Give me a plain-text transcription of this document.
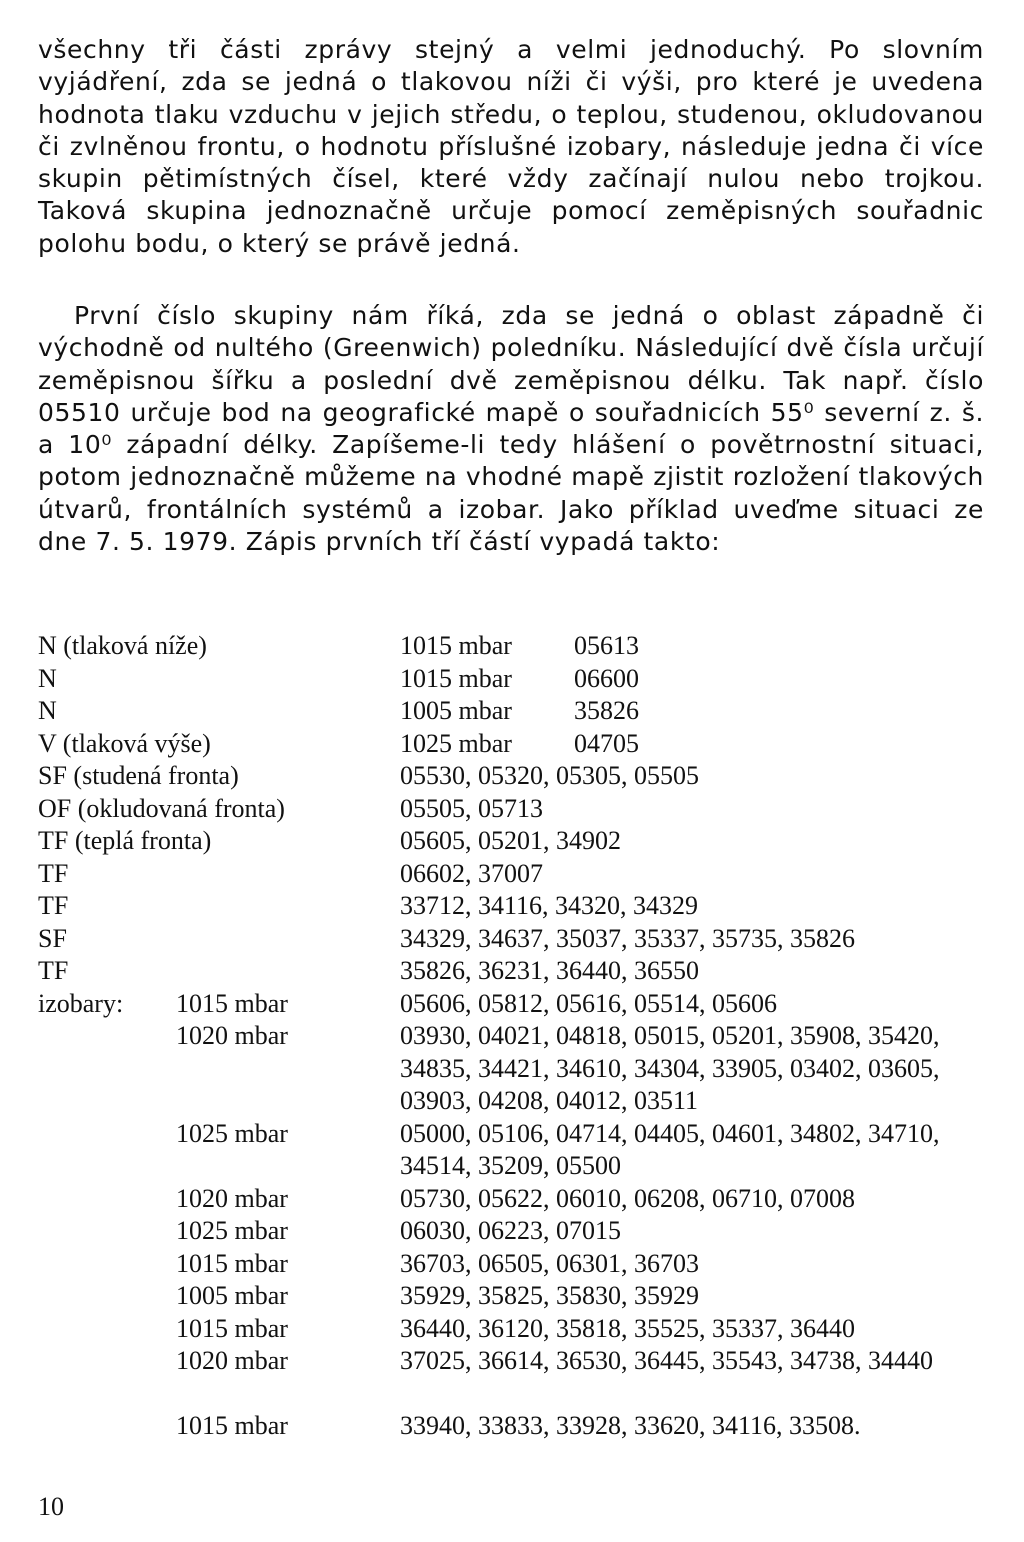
všechny tři části zprávy stejný a velmi jednoduchý. Po slovním vyjádření, zda se jedná o tlakovou níži či výši, pro které je uvedena hodnota tlaku vzduchu v jejich středu, o teplou, studenou, okludovanou či zvlněnou frontu, o hodnotu příslušné izobary, následuje jedna či více skupin pětimístných čísel, které vždy začínají nulou nebo trojkou. Taková skupina jednoznačně určuje pomocí zeměpisných souřadnic polohu bodu, o který se právě jedná.

První číslo skupiny nám říká, zda se jedná o oblast západně či východně od nultého (Greenwich) poledníku. Následující dvě čísla určují zeměpisnou šířku a poslední dvě zeměpisnou délku. Tak např. číslo 05510 určuje bod na geografické mapě o souřadnicích 55⁰ severní z. š. a 10⁰ západní délky. Zapíšeme-li tedy hlášení o povětrnostní situaci, potom jednoznačně můžeme na vhodné mapě zjistit rozložení tlakových útvarů, frontálních systémů a izobar. Jako příklad uveďme situaci ze dne 7. 5. 1979. Zápis prvních tří částí vypadá takto:

N (tlaková níže)	1015 mbar 05613
N	1015 mbar 06600
N	1005 mbar 35826
V (tlaková výše)	1025 mbar 04705
SF (studená fronta)	05530, 05320, 05305, 05505
OF (okludovaná fronta)	05505, 05713
TF (teplá fronta)	05605, 05201, 34902
TF	06602, 37007
TF	33712, 34116, 34320, 34329
SF	34329, 34637, 35037, 35337, 35735, 35826
TF	35826, 36231, 36440, 36550
izobary: 1015 mbar	05606, 05812, 05616, 05514, 05606
1020 mbar	03930, 04021, 04818, 05015, 05201, 35908, 35420, 34835, 34421, 34610, 34304, 33905, 03402, 03605, 03903, 04208, 04012, 03511
1025 mbar	05000, 05106, 04714, 04405, 04601, 34802, 34710, 34514, 35209, 05500
1020 mbar	05730, 05622, 06010, 06208, 06710, 07008
1025 mbar	06030, 06223, 07015
1015 mbar	36703, 06505, 06301, 36703
1005 mbar	35929, 35825, 35830, 35929
1015 mbar	36440, 36120, 35818, 35525, 35337, 36440
1020 mbar	37025, 36614, 36530, 36445, 35543, 34738, 34440
1015 mbar	33940, 33833, 33928, 33620, 34116, 33508.
10
